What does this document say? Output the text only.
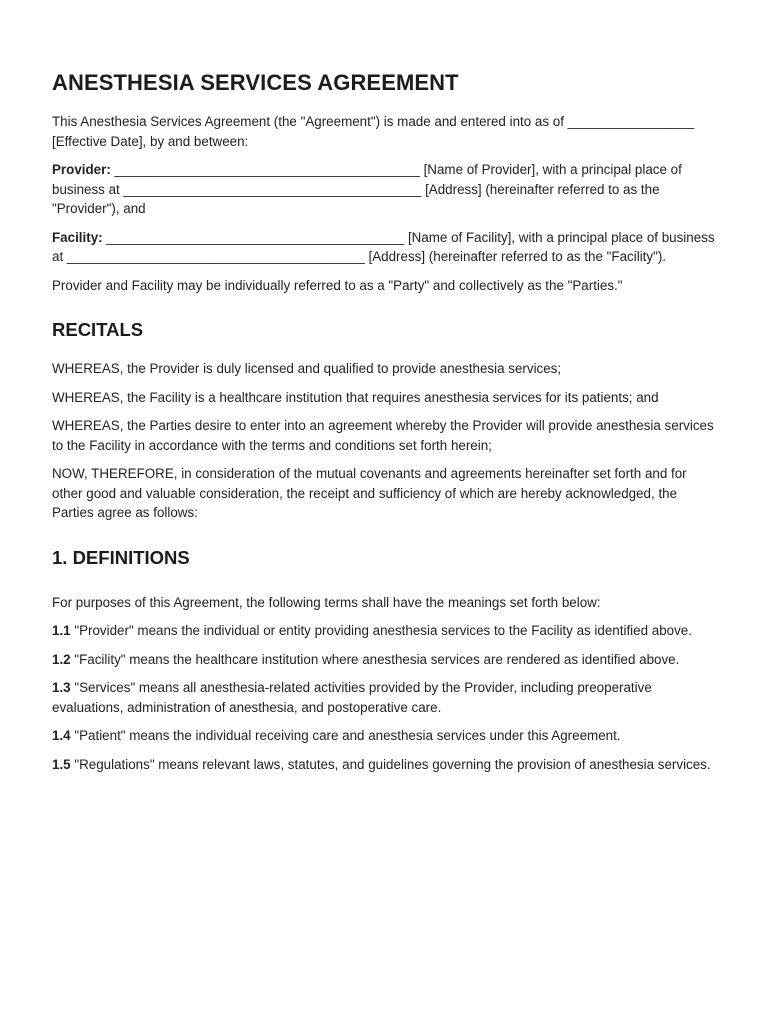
ANESTHESIA SERVICES AGREEMENT

This Anesthesia Services Agreement (the "Agreement") is made and entered into as of _________________ [Effective Date], by and between:

Provider: _________________________________________ [Name of Provider], with a principal place of business at ________________________________________ [Address] (hereinafter referred to as the "Provider"), and

Facility: ________________________________________ [Name of Facility], with a principal place of business at ________________________________________ [Address] (hereinafter referred to as the "Facility").

Provider and Facility may be individually referred to as a "Party" and collectively as the "Parties."

RECITALS

WHEREAS, the Provider is duly licensed and qualified to provide anesthesia services;

WHEREAS, the Facility is a healthcare institution that requires anesthesia services for its patients; and

WHEREAS, the Parties desire to enter into an agreement whereby the Provider will provide anesthesia services to the Facility in accordance with the terms and conditions set forth herein;

NOW, THEREFORE, in consideration of the mutual covenants and agreements hereinafter set forth and for other good and valuable consideration, the receipt and sufficiency of which are hereby acknowledged, the Parties agree as follows:

1. DEFINITIONS

For purposes of this Agreement, the following terms shall have the meanings set forth below:

1.1 "Provider" means the individual or entity providing anesthesia services to the Facility as identified above.

1.2 "Facility" means the healthcare institution where anesthesia services are rendered as identified above.

1.3 "Services" means all anesthesia-related activities provided by the Provider, including preoperative evaluations, administration of anesthesia, and postoperative care.

1.4 "Patient" means the individual receiving care and anesthesia services under this Agreement.

1.5 "Regulations" means relevant laws, statutes, and guidelines governing the provision of anesthesia services.
